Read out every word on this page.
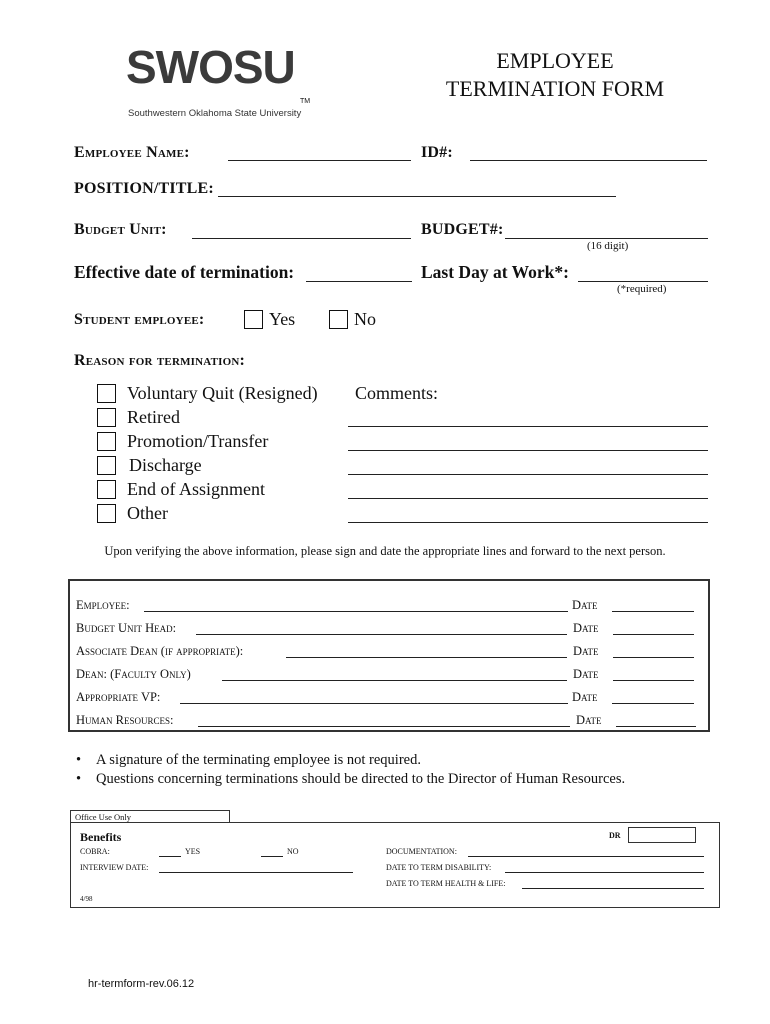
SWOSU
TM
Southwestern Oklahoma State University
EMPLOYEE
TERMINATION FORM
Employee Name:	ID#:
POSITION/TITLE:
Budget Unit:	BUDGET#:
(16 digit)
Effective date of termination:	Last Day at Work*:
(*required)
Student employee:	Yes	No
Reason for termination:
Voluntary Quit (Resigned)
Retired
Promotion/Transfer
Discharge
End of Assignment
Other
Comments:
Upon verifying the above information, please sign and date the appropriate lines and forward to the next person.
Employee:	Date
Budget Unit Head:	Date
Associate Dean (if appropriate):	Date
Dean: (Faculty Only)	Date
Appropriate VP:	Date
Human Resources:	Date
• A signature of the terminating employee is not required.
• Questions concerning terminations should be directed to the Director of Human Resources.
Office Use Only
Benefits	DR
COBRA:	YES	NO	DOCUMENTATION:
INTERVIEW DATE:	DATE TO TERM DISABILITY:
DATE TO TERM HEALTH & LIFE:
4/98
hr-termform-rev.06.12
